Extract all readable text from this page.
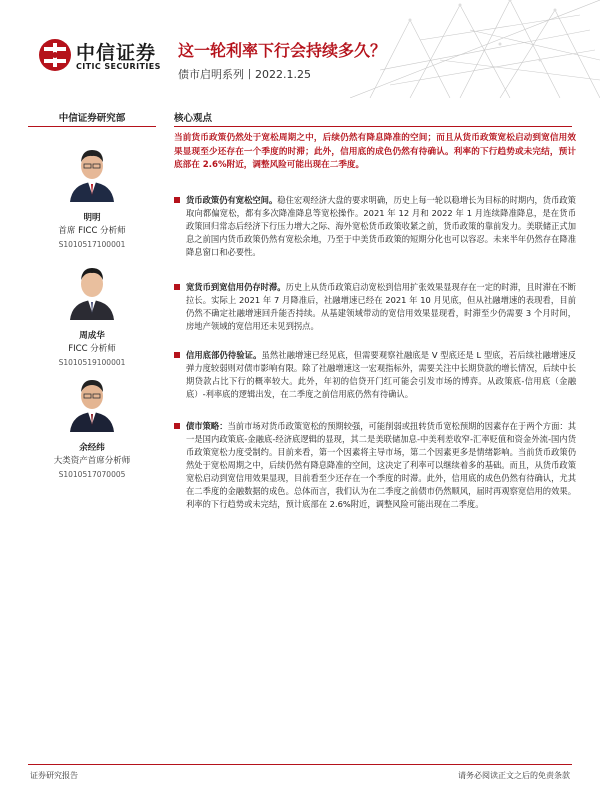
中信证券
CITIC SECURITIES
这一轮利率下行会持续多久？
债市启明系列丨2022.1.25
中信证券研究部
明明
首席 FICC 分析师
S1010517100001
周成华
FICC 分析师
S1010519100001
余经纬
大类资产首席分析师
S1010517070005
核心观点
当前货币政策仍然处于宽松周期之中，后续仍然有降息降准的空间；而且从货币政策宽松启动到宽信用效果显现至少还存在一个季度的时滞；此外，信用底的成色仍然有待确认。利率的下行趋势或未完结，预计底部在 2.6%附近，调整风险可能出现在二季度。

货币政策仍有宽松空间。稳住宏观经济大盘的要求明确，历史上每一轮以稳增长为目标的时期内，货币政策取向都偏宽松，都有多次降准降息等宽松操作。2021 年 12 月和 2022 年 1 月连续降准降息，是在货币政策回归常态后经济下行压力增大之际、海外宽松货币政策收紧之前，货币政策的靠前发力。美联储正式加息之前国内货币政策仍然有宽松余地，乃至于中美货币政策的短期分化也可以容忍。未来半年仍然存在降准降息窗口和必要性。

宽货币到宽信用仍存时滞。历史上从货币政策启动宽松到信用扩张效果显现存在一定的时滞，且时滞在不断拉长。实际上 2021 年 7 月降准后，社融增速已经在 2021 年 10 月见底，但从社融增速的表现看，目前仍然不确定社融增速回升能否持续。从基建领域带动的宽信用效果显现看，时滞至少仍需要 3 个月时间，房地产领域的宽信用还未见到拐点。

信用底部仍待验证。虽然社融增速已经见底，但需要观察社融底是 V 型底还是 L 型底，若后续社融增速反弹力度较弱则对债市影响有限。除了社融增速这一宏观指标外，需要关注中长期贷款的增长情况，后续中长期贷款占比下行的概率较大。此外，年初的信贷开门红可能会引发市场的博弈。从政策底-信用底（金融底）-利率底的逻辑出发，在二季度之前信用底仍然有待确认。

债市策略：当前市场对货币政策宽松的预期较强，可能削弱或扭转货币宽松预期的因素存在于两个方面：其一是国内政策底-金融底-经济底逻辑的显现，其二是美联储加息-中美利差收窄-汇率贬值和资金外流-国内货币政策宽松力度受制约。目前来看，第一个因素将主导市场，第二个因素更多是情绪影响。当前货币政策仍然处于宽松周期之中，后续仍然有降息降准的空间，这决定了利率可以继续着多的基础。而且，从货币政策宽松启动到宽信用效果显现，目前看至少还存在一个季度的时滞。此外，信用底的成色仍然有待确认，尤其在二季度的金融数据的成色。总体而言，我们认为在二季度之前债市仍然顺风，届时再观察宽信用的效果。利率的下行趋势或未完结，预计底部在 2.6%附近，调整风险可能出现在二季度。

证券研究报告	请务必阅读正文之后的免责条款
